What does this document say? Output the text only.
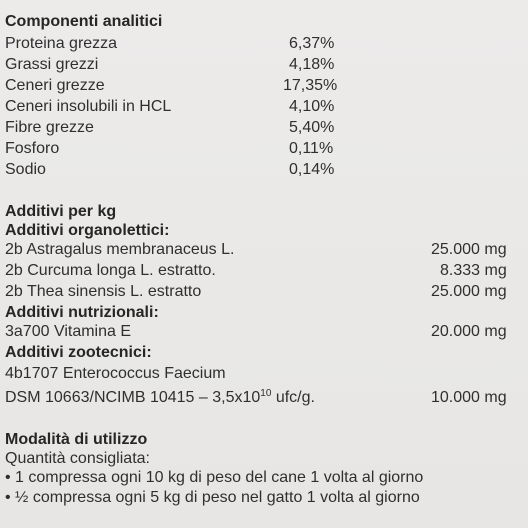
Componenti analitici
Proteina grezza	6,37%
Grassi grezzi	4,18%
Ceneri grezze	17,35%
Ceneri insolubili in HCL	4,10%
Fibre grezze	5,40%
Fosforo	0,11%
Sodio	0,14%
Additivi per kg
Additivi organolettici:
2b Astragalus membranaceus L.	25.000 mg
2b Curcuma longa L. estratto.	8.333 mg
2b Thea sinensis L. estratto	25.000 mg
Additivi nutrizionali:
3a700 Vitamina E	20.000 mg
Additivi zootecnici:
4b1707 Enterococcus Faecium
DSM 10663/NCIMB $10415 - 3,5x10^{10}$ ufc/g.	10.000 mg
Modalità di utilizzo
Quantità consigliata:
• 1 compressa ogni 10 kg di peso del cane 1 volta al giorno
• ½ compressa ogni 5 kg di peso nel gatto 1 volta al giorno
